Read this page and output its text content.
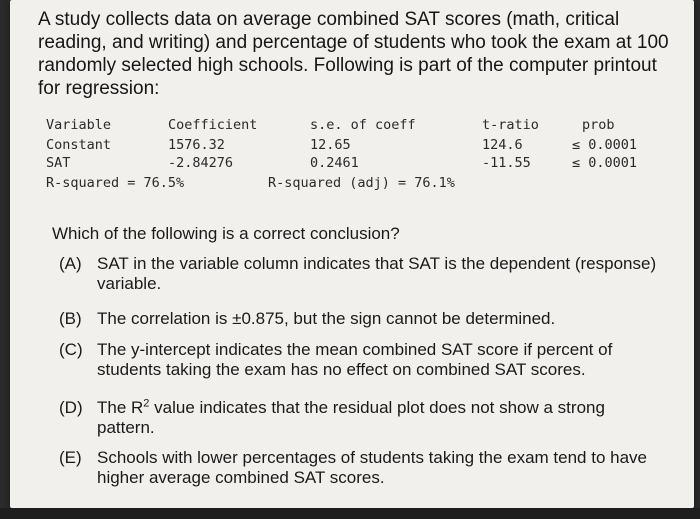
A study collects data on average combined SAT scores (math, critical reading, and writing) and percentage of students who took the exam at 100 randomly selected high schools. Following is part of the computer printout for regression:

Variable	Coefficient	s.e. of coeff	t-ratio	prob
Constant	1576.32	12.65	124.6	≤ 0.0001
SAT	-2.84276	0.2461	-11.55	≤ 0.0001
R-squared = 76.5%	R-squared (adj) = 76.1%

Which of the following is a correct conclusion?

(A) SAT in the variable column indicates that SAT is the dependent (response) variable.
(B) The correlation is ±0.875, but the sign cannot be determined.
(C) The y-intercept indicates the mean combined SAT score if percent of students taking the exam has no effect on combined SAT scores.
(D) The $R^2$ value indicates that the residual plot does not show a strong pattern.
(E) Schools with lower percentages of students taking the exam tend to have higher average combined SAT scores.
